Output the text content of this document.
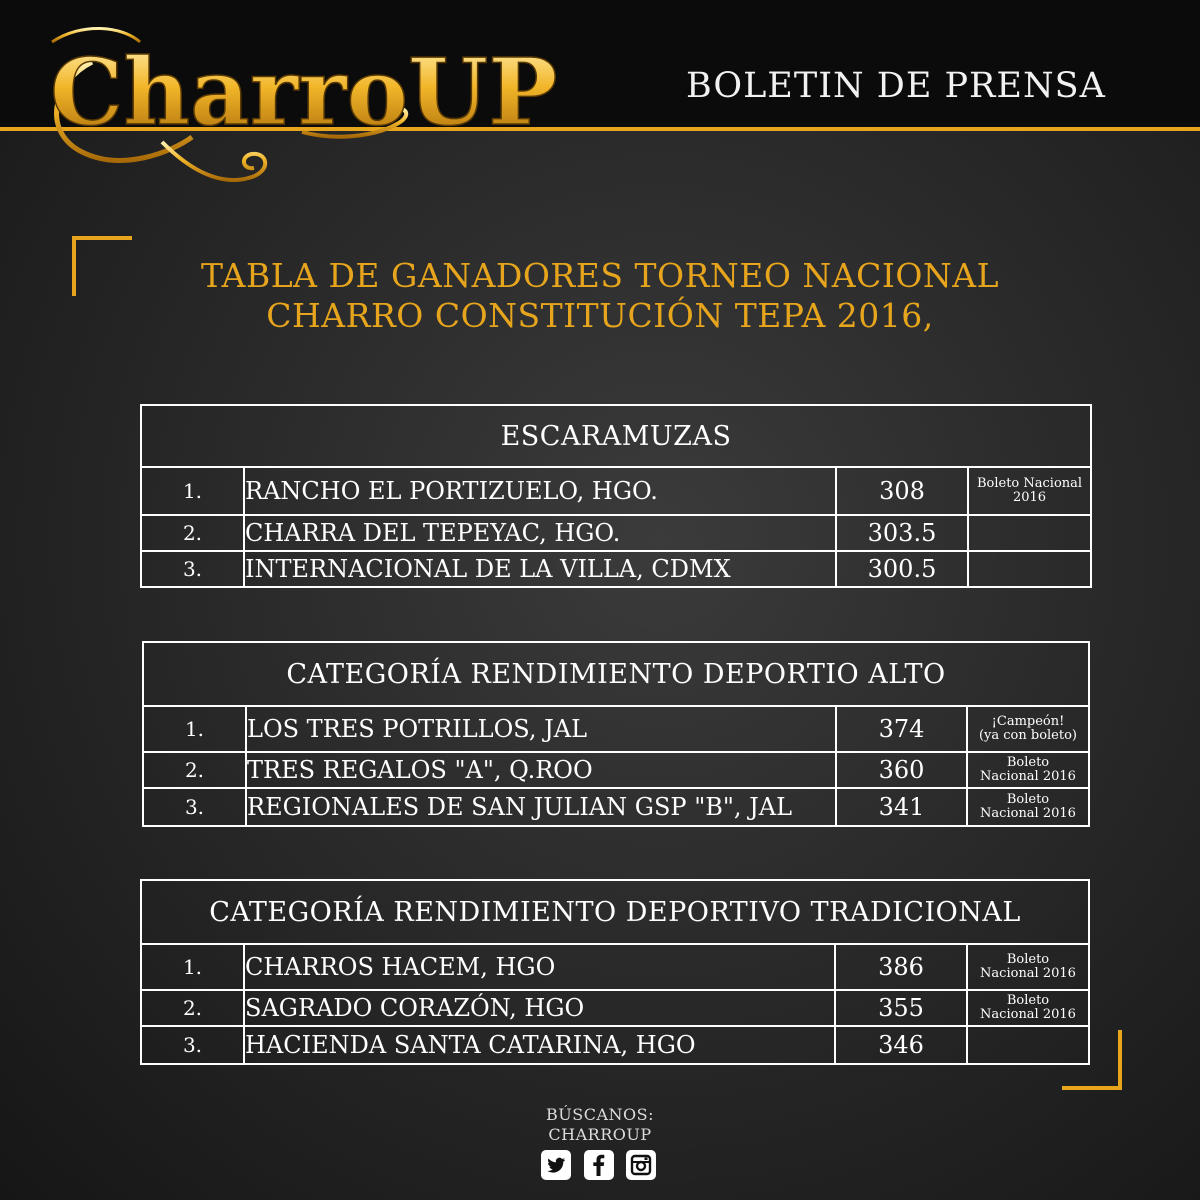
CharroUP	BOLETIN DE PRENSA
TABLA DE GANADORES TORNEO NACIONAL
CHARRO CONSTITUCIÓN TEPA 2016,
ESCARAMUZAS			
1.	RANCHO EL PORTIZUELO, HGO.	308	Boleto Nacional
2016
2.	CHARRA DEL TEPEYAC, HGO.	303.5	
3.	INTERNACIONAL DE LA VILLA, CDMX	300.5	
CATEGORÍA RENDIMIENTO DEPORTIO ALTO			
1.	LOS TRES POTRILLOS, JAL	374	¡Campeón!
(ya con boleto)
2.	TRES REGALOS "A", Q.ROO	360	Boleto
Nacional 2016
3.	REGIONALES DE SAN JULIAN GSP "B", JAL	341	Boleto
Nacional 2016
CATEGORÍA RENDIMIENTO DEPORTIVO TRADICIONAL			
1.	CHARROS HACEM, HGO	386	Boleto
Nacional 2016
2.	SAGRADO CORAZÓN, HGO	355	Boleto
Nacional 2016
3.	HACIENDA SANTA CATARINA, HGO	346	
BÚSCANOS:
CHARROUP
